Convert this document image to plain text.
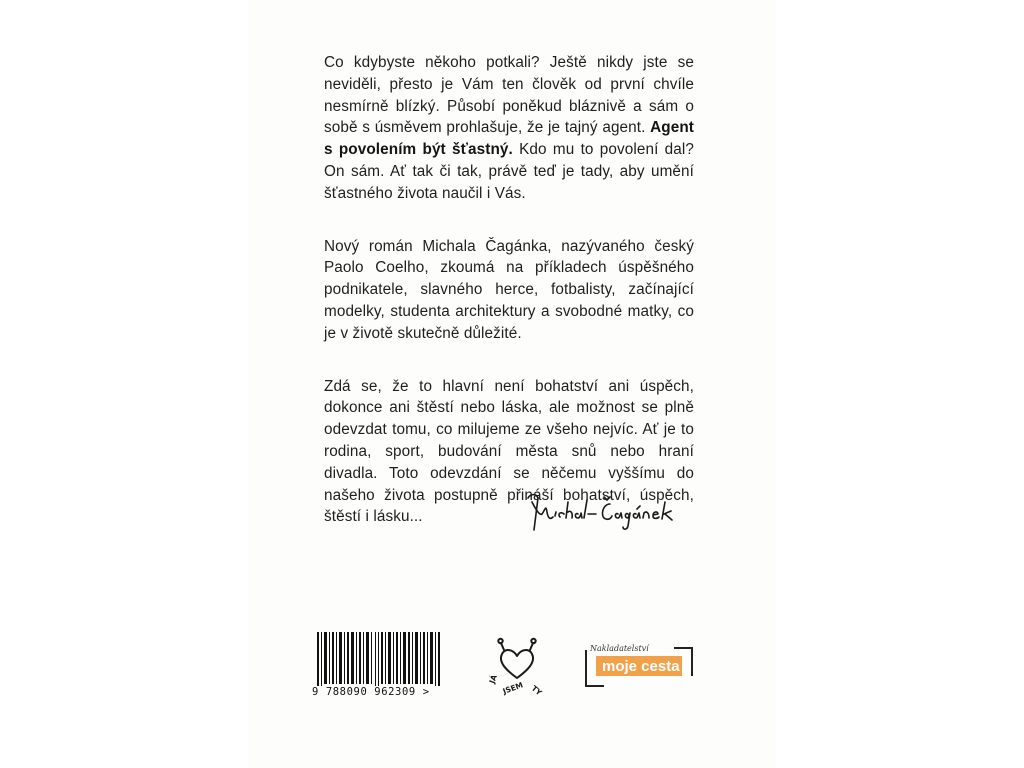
Co kdybyste někoho potkali? Ještě nikdy jste se neviděli, přesto je Vám ten člověk od první chvíle nesmírně blízký. Působí poněkud bláznivě a sám o sobě s úsměvem prohlašuje, že je tajný agent. Agent s povolením být šťastný. Kdo mu to povolení dal? On sám. Ať tak či tak, právě teď je tady, aby umění šťastného života naučil i Vás.

Nový román Michala Čagánka, nazývaného český Paolo Coelho, zkoumá na příkladech úspěšného podnikatele, slavného herce, fotbalisty, začínající modelky, studenta architektury a svobodné matky, co je v životě skutečně důležité.

Zdá se, že to hlavní není bohatství ani úspěch, dokonce ani štěstí nebo láska, ale možnost se plně odevzdat tomu, co milujeme ze všeho nejvíc. Ať je to rodina, sport, budování města snů nebo hraní divadla. Toto odevzdání se něčemu vyššímu do našeho života postupně přináší bohatství, úspěch, štěstí i lásku...

9 788090 962309 >
JÁ
JSEM TY
Nakladatelství
moje cesta
